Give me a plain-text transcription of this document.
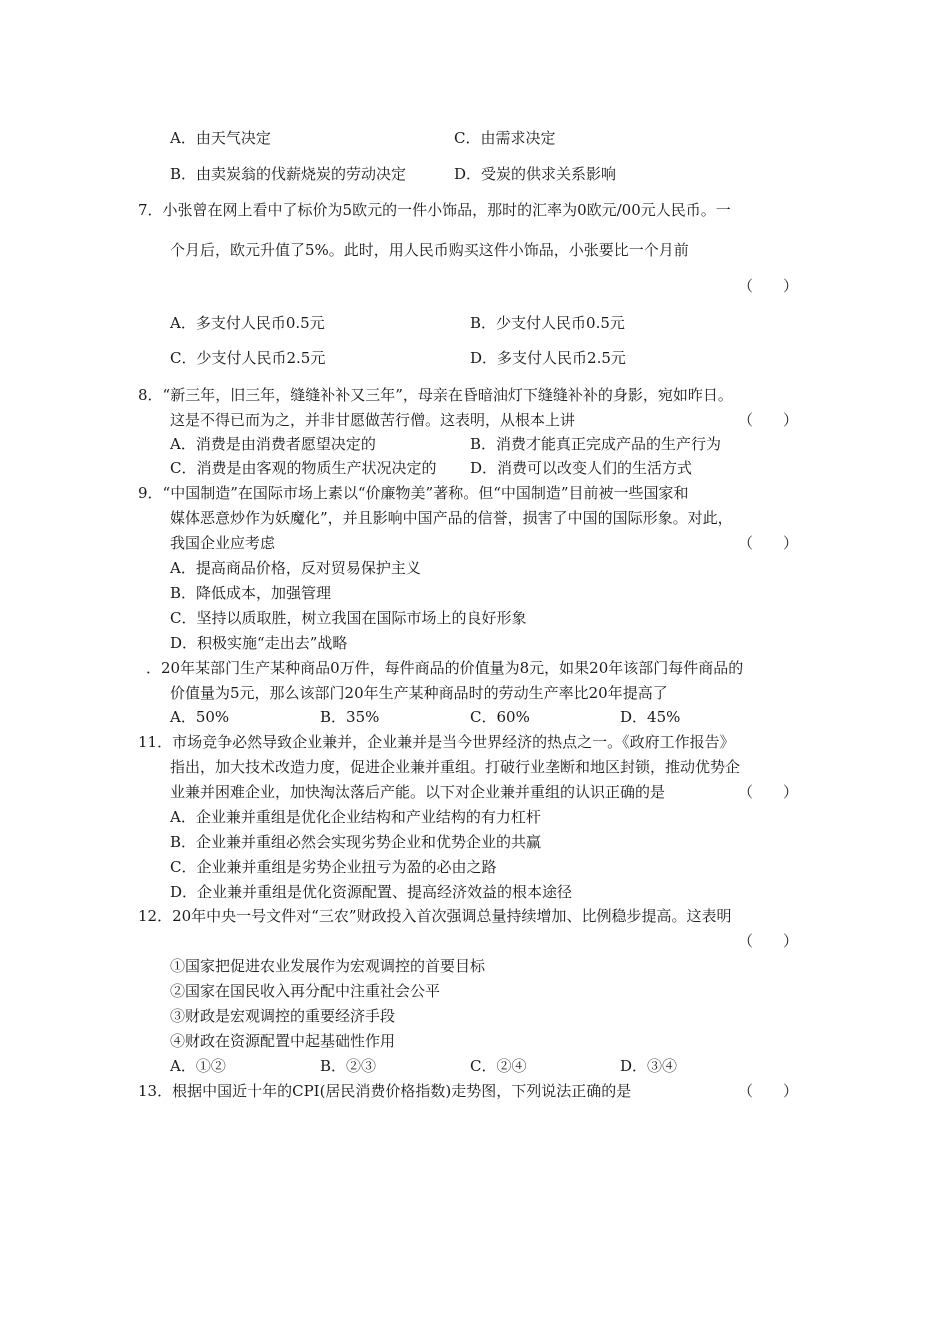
A．由天气决定	C．由需求决定
B．由卖炭翁的伐薪烧炭的劳动决定	D．受炭的供求关系影响
7．小张曾在网上看中了标价为5欧元的一件小饰品，那时的汇率为0欧元/00元人民币。一
个月后，欧元升值了5%。此时，用人民币购买这件小饰品，小张要比一个月前
（　　）
A．多支付人民币0.5元	B．少支付人民币0.5元
C．少支付人民币2.5元	D．多支付人民币2.5元
8．“新三年，旧三年，缝缝补补又三年”，母亲在昏暗油灯下缝缝补补的身影，宛如昨日。
这是不得已而为之，并非甘愿做苦行僧。这表明，从根本上讲	（　　）
A．消费是由消费者愿望决定的	B．消费才能真正完成产品的生产行为
C．消费是由客观的物质生产状况决定的 D．消费可以改变人们的生活方式
9．“中国制造”在国际市场上素以“价廉物美”著称。但“中国制造”目前被一些国家和
媒体恶意炒作为妖魔化”，并且影响中国产品的信誉，损害了中国的国际形象。对此，
我国企业应考虑	（　　）
A．提高商品价格，反对贸易保护主义
B．降低成本，加强管理
C．坚持以质取胜，树立我国在国际市场上的良好形象
D．积极实施“走出去”战略
．20年某部门生产某种商品0万件，每件商品的价值量为8元，如果20年该部门每件商品的
价值量为5元，那么该部门20年生产某种商品时的劳动生产率比20年提高了
A．50%	B．35%	C．60%	D．45%
11．市场竞争必然导致企业兼并，企业兼并是当今世界经济的热点之一。《政府工作报告》
指出，加大技术改造力度，促进企业兼并重组。打破行业垄断和地区封锁，推动优势企
业兼并困难企业，加快淘汰落后产能。以下对企业兼并重组的认识正确的是	（　　）
A．企业兼并重组是优化企业结构和产业结构的有力杠杆
B．企业兼并重组必然会实现劣势企业和优势企业的共赢
C．企业兼并重组是劣势企业扭亏为盈的必由之路
D．企业兼并重组是优化资源配置、提高经济效益的根本途径
12．20年中央一号文件对“三农”财政投入首次强调总量持续增加、比例稳步提高。这表明
（　　）
①国家把促进农业发展作为宏观调控的首要目标
②国家在国民收入再分配中注重社会公平
③财政是宏观调控的重要经济手段
④财政在资源配置中起基础性作用
A．①②	B．②③	C．②④	D．③④
13．根据中国近十年的CPI(居民消费价格指数)走势图，下列说法正确的是	（　　）
